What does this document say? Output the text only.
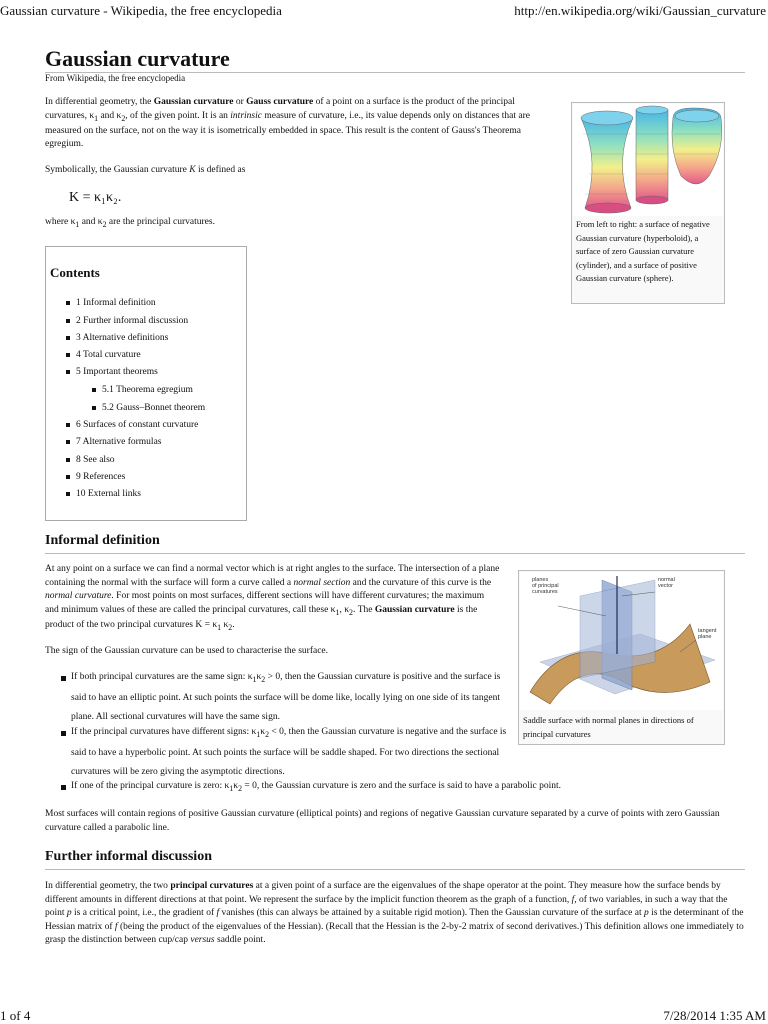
Gaussian curvature - Wikipedia, the free encyclopedia	http://en.wikipedia.org/wiki/Gaussian_curvature
Gaussian curvature
From Wikipedia, the free encyclopedia

In differential geometry, the Gaussian curvature or Gauss curvature of a point on a surface is the product of the principal curvatures, $\kappa_1$ and $\kappa_2$, of the given point. It is an intrinsic measure of curvature, i.e., its value depends only on distances that are measured on the surface, not on the way it is isometrically embedded in space. This result is the content of Gauss's Theorema egregium.

Symbolically, the Gaussian curvature K is defined as

K = κ₁κ₂.

where $\kappa_1$ and $\kappa_2$ are the principal curvatures.	From left to right: a surface of negative Gaussian curvature (hyperboloid), a surface of zero Gaussian curvature (cylinder), and a surface of positive Gaussian curvature (sphere).
Contents
1 Informal definition
2 Further informal discussion
3 Alternative definitions
4 Total curvature
5 Important theorems
5.1 Theorema egregium
5.2 Gauss–Bonnet theorem
6 Surfaces of constant curvature
7 Alternative formulas
8 See also
9 References
10 External links
Informal definition

At any point on a surface we can find a normal vector which is at right angles to the surface. The intersection of a plane containing the normal with the surface will form a curve called a normal section and the curvature of this curve is the normal curvature. For most points on most surfaces, different sections will have different curvatures; the maximum and minimum values of these are called the principal curvatures, call these $\kappa_1$, $\kappa_2$. The Gaussian curvature is the product of the two principal curvatures $K = \kappa_1$ $\kappa_2$.

The sign of the Gaussian curvature can be used to characterise the surface.

planes of principal curvatures
normal vector
tangent plane
Saddle surface with normal planes in directions of principal curvatures

If both principal curvatures are the same sign: $\kappa_1\kappa_2 > 0$, then the Gaussian curvature is positive and the surface is said to have an elliptic point. At such points the surface will be dome like, locally lying on one side of its tangent plane. All sectional curvatures will have the same sign.

If the principal curvatures have different signs: $\kappa_1\kappa_2 < 0$, then the Gaussian curvature is negative and the surface is said to have a hyperbolic point. At such points the surface will be saddle shaped. For two directions the sectional curvatures will be zero giving the asymptotic directions.

If one of the principal curvature is zero: $\kappa_1\kappa_2 = 0$, the Gaussian curvature is zero and the surface is said to have a parabolic point.

Most surfaces will contain regions of positive Gaussian curvature (elliptical points) and regions of negative Gaussian curvature separated by a curve of points with zero Gaussian curvature called a parabolic line.

Further informal discussion

In differential geometry, the two principal curvatures at a given point of a surface are the eigenvalues of the shape operator at the point. They measure how the surface bends by different amounts in different directions at that point. We represent the surface by the implicit function theorem as the graph of a function, f, of two variables, in such a way that the point p is a critical point, i.e., the gradient of f vanishes (this can always be attained by a suitable rigid motion). Then the Gaussian curvature of the surface at p is the determinant of the Hessian matrix of f (being the product of the eigenvalues of the Hessian). (Recall that the Hessian is the 2-by-2 matrix of second derivatives.) This definition allows one immediately to grasp the distinction between cup/cap versus saddle point.

1 of 4	7/28/2014 1:35 AM
